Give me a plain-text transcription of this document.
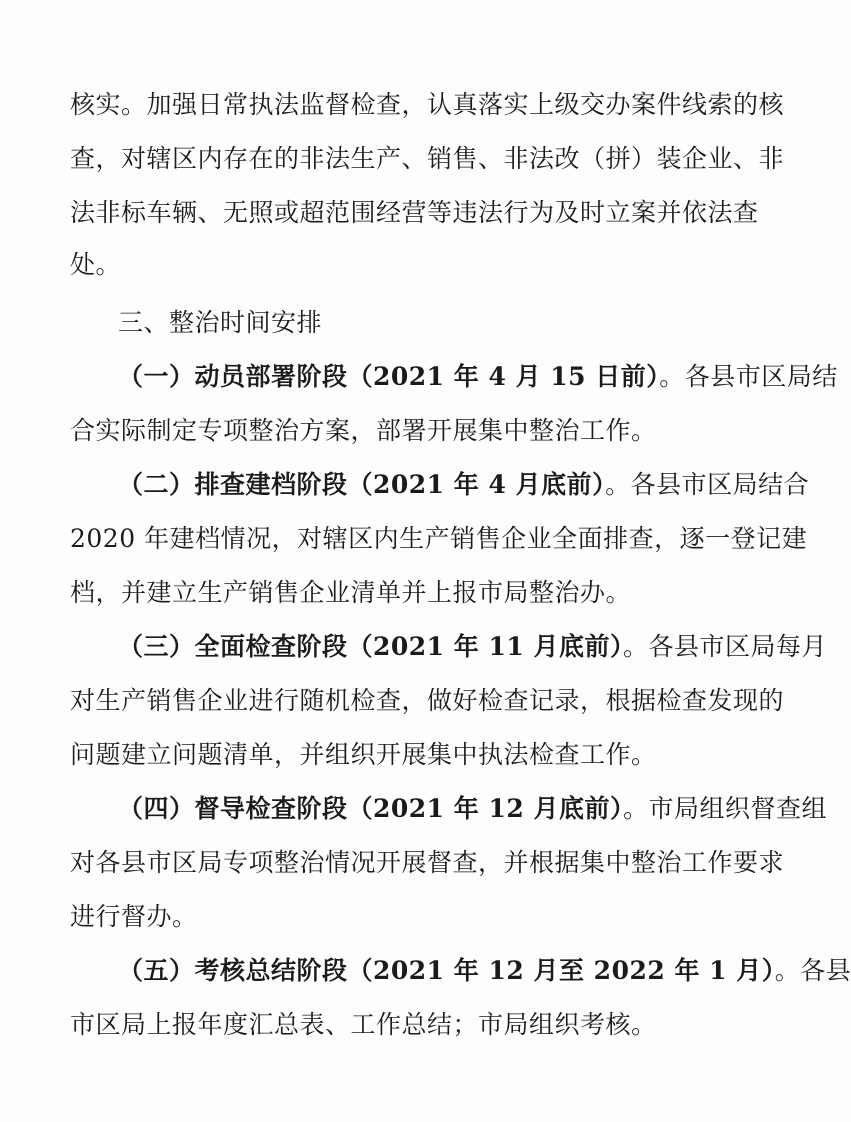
核实。加强日常执法监督检查，认真落实上级交办案件线索的核
查，对辖区内存在的非法生产、销售、非法改（拼）装企业、非
法非标车辆、无照或超范围经营等违法行为及时立案并依法查
处。
三、整治时间安排
（一）动员部署阶段（2021 年 4 月 15 日前）。各县市区局结
合实际制定专项整治方案，部署开展集中整治工作。
（二）排查建档阶段（2021 年 4 月底前）。各县市区局结合
2020 年建档情况，对辖区内生产销售企业全面排查，逐一登记建
档，并建立生产销售企业清单并上报市局整治办。
（三）全面检查阶段（2021 年 11 月底前）。各县市区局每月
对生产销售企业进行随机检查，做好检查记录，根据检查发现的
问题建立问题清单，并组织开展集中执法检查工作。
（四）督导检查阶段（2021 年 12 月底前）。市局组织督查组
对各县市区局专项整治情况开展督查，并根据集中整治工作要求
进行督办。
（五）考核总结阶段（2021 年 12 月至 2022 年 1 月）。各县
市区局上报年度汇总表、工作总结；市局组织考核。
